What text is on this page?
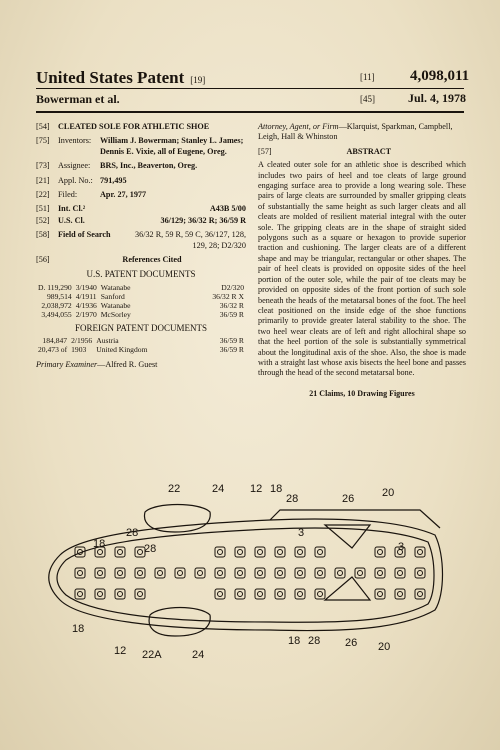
United States Patent [19]	[11] 4,098,011
Bowerman et al.	[45]	Jul. 4, 1978
[54]	CLEATED SOLE FOR ATHLETIC SHOE
[75]	Inventors:	William J. Bowerman; Stanley L. James; Dennis E. Vixie, all of Eugene, Oreg.
[73]	Assignee:	BRS, Inc., Beaverton, Oreg.
[21]	Appl. No.: 791,495
[22]	Filed:	Apr. 27, 1977
[51]	Int. Cl.²	A43B 5/00
[52]	U.S. Cl.	36/129; 36/32 R; 36/59 R
[58]	Field of Search	36/32 R, 59 R, 59 C, 36/127, 128, 129, 28; D2/320
[56]	References Cited
U.S. PATENT DOCUMENTS
D. 119,290	3/1940	Watanabe	D2/320
989,514	4/1911	Sanford	36/32 R X
2,038,972	4/1936	Watanabe	36/32 R
3,494,055	2/1970	McSorley	36/59 R
FOREIGN PATENT DOCUMENTS
184,847	2/1956	Austria	36/59 R
20,473 of	1903	United Kingdom	36/59 R
Primary Examiner—Alfred R. Guest
Attorney, Agent, or Firm—Klarquist, Sparkman, Campbell, Leigh, Hall & Whinston
[57]	ABSTRACT
A cleated outer sole for an athletic shoe is described which includes two pairs of heel and toe cleats of large ground engaging surface area to provide a long wearing sole. These pairs of large cleats are surrounded by smaller gripping cleats of substantially the same height as such larger cleats and all cleats are molded of resilient material integral with the outer sole. The gripping cleats are in the shape of straight sided polygons such as a square or hexagon to provide superior traction and cushioning. The larger cleats are of a different shape and may be triangular, rectangular or other shapes. The pair of heel cleats is provided on opposite sides of the heel portion of the outer sole, while the pair of toe cleats may be provided on opposite sides of the front portion of such sole beneath the heads of the metatarsal bones of the foot. The heel cleat positioned on the inside edge of the shoe functions primarily to provide greater lateral stability to the shoe. The two heel wear cleats are of left and right allochiral shape so that the heel portion of the sole is substantially symmetrical about the longitudinal axis of the shoe. Also, the shoe is made with a straight last whose axis bisects the heel bone and passes through the head of the second metatarsal bone.
21 Claims, 10 Drawing Figures
22	24 12 18
28	26	20
3
18
28
28	3
18
12 22A	24
18 28 26 20
